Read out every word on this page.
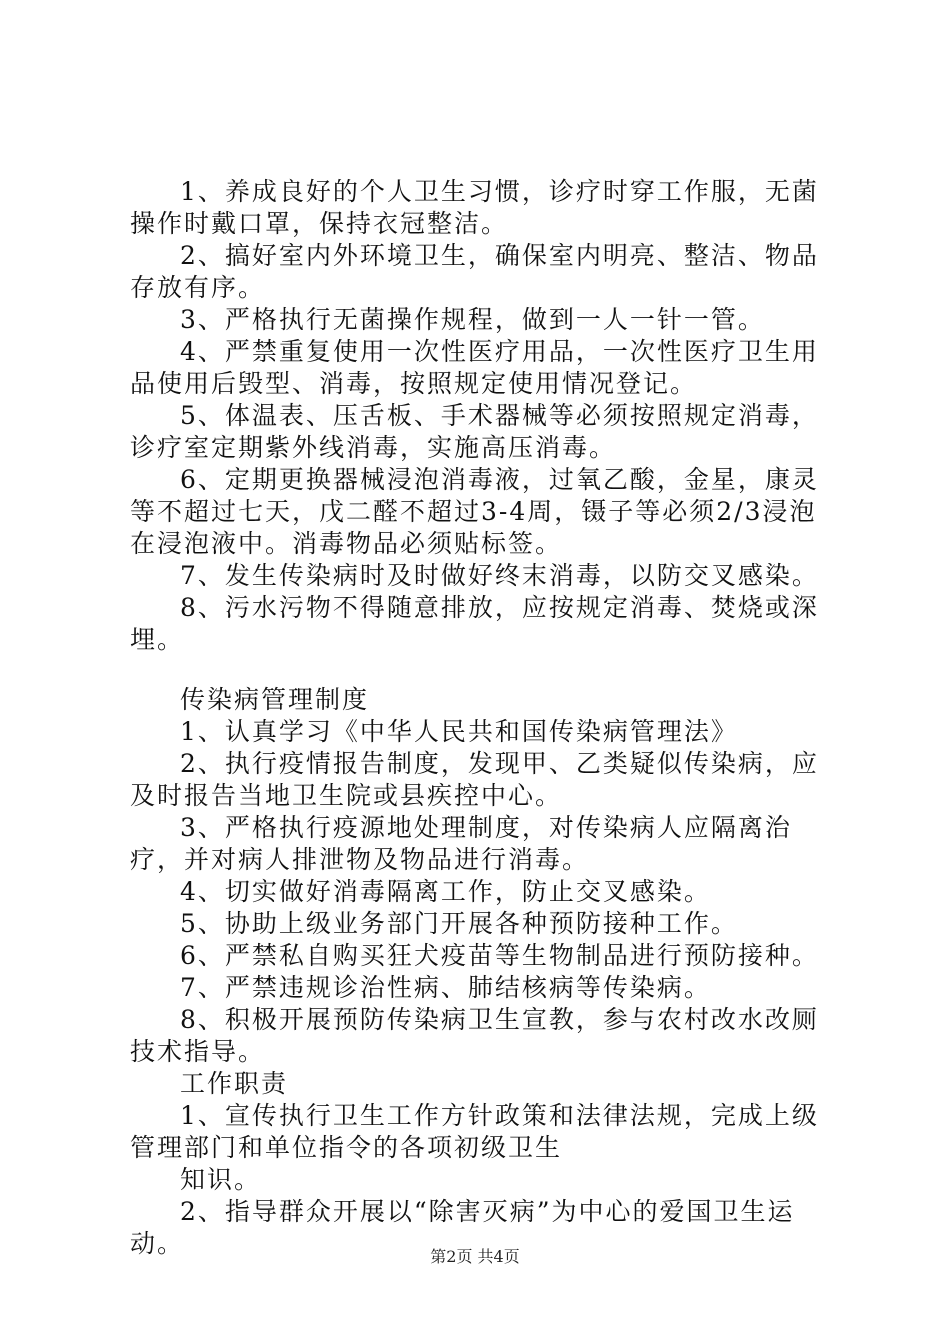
1、养成良好的个人卫生习惯，诊疗时穿工作服，无菌操作时戴口罩，保持衣冠整洁。

2、搞好室内外环境卫生，确保室内明亮、整洁、物品存放有序。

3、严格执行无菌操作规程，做到一人一针一管。

4、严禁重复使用一次性医疗用品，一次性医疗卫生用品使用后毁型、消毒，按照规定使用情况登记。

5、体温表、压舌板、手术器械等必须按照规定消毒，诊疗室定期紫外线消毒，实施高压消毒。

6、定期更换器械浸泡消毒液，过氧乙酸，金星，康灵等不超过七天，戊二醛不超过3-4周，镊子等必须2/3浸泡在浸泡液中。消毒物品必须贴标签。

7、发生传染病时及时做好终末消毒，以防交叉感染。

8、污水污物不得随意排放，应按规定消毒、焚烧或深埋。

传染病管理制度

1、认真学习《中华人民共和国传染病管理法》

2、执行疫情报告制度，发现甲、乙类疑似传染病，应及时报告当地卫生院或县疾控中心。

3、严格执行疫源地处理制度，对传染病人应隔离治疗，并对病人排泄物及物品进行消毒。

4、切实做好消毒隔离工作，防止交叉感染。

5、协助上级业务部门开展各种预防接种工作。

6、严禁私自购买狂犬疫苗等生物制品进行预防接种。

7、严禁违规诊治性病、肺结核病等传染病。

8、积极开展预防传染病卫生宣教，参与农村改水改厕技术指导。

工作职责

1、宣传执行卫生工作方针政策和法律法规，完成上级管理部门和单位指令的各项初级卫生

知识。

2、指导群众开展以“除害灭病”为中心的爱国卫生运动。	第2页 共4页
